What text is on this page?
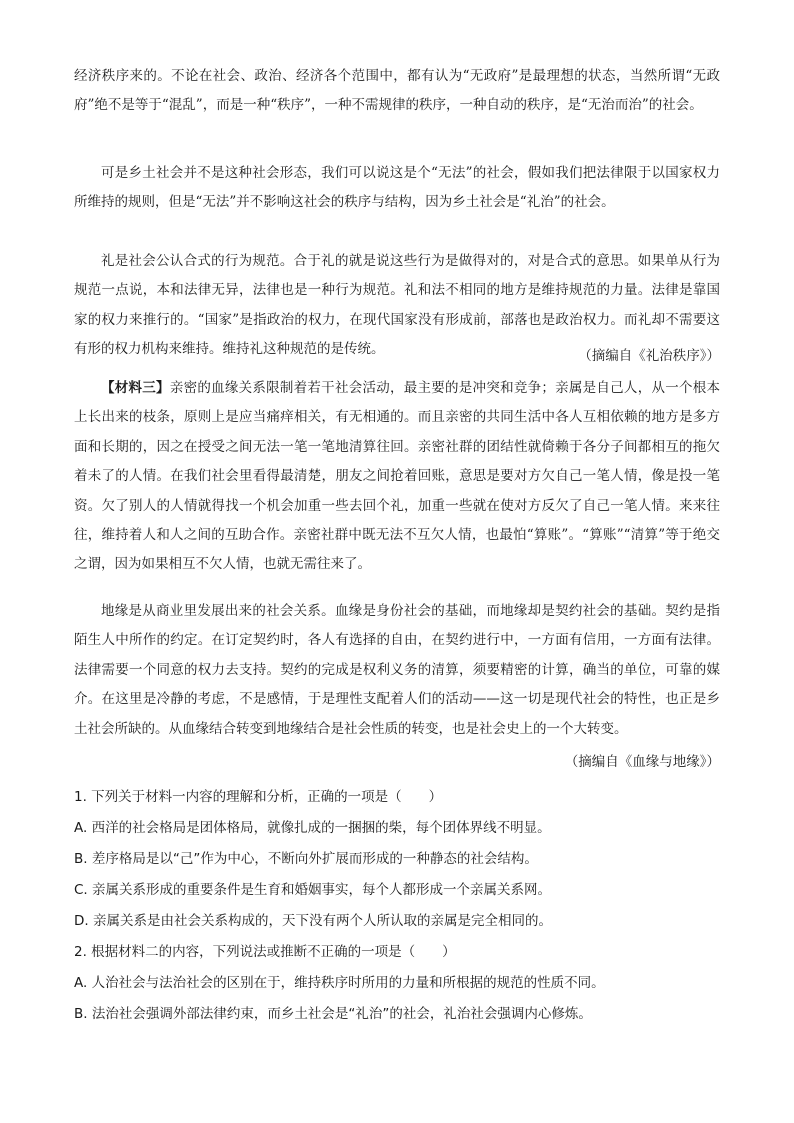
经济秩序来的。不论在社会、政治、经济各个范围中，都有认为“无政府”是最理想的状态，当然所谓“无政府”绝不是等于“混乱”，而是一种“秩序”，一种不需规律的秩序，一种自动的秩序，是“无治而治”的社会。

可是乡土社会并不是这种社会形态，我们可以说这是个“无法”的社会，假如我们把法律限于以国家权力所维持的规则，但是“无法”并不影响这社会的秩序与结构，因为乡土社会是“礼治”的社会。

礼是社会公认合式的行为规范。合于礼的就是说这些行为是做得对的，对是合式的意思。如果单从行为规范一点说，本和法律无异，法律也是一种行为规范。礼和法不相同的地方是维持规范的力量。法律是靠国家的权力来推行的。“国家”是指政治的权力，在现代国家没有形成前，部落也是政治权力。而礼却不需要这有形的权力机构来维持。维持礼这种规范的是传统。	（摘编自《礼治秩序》）

【材料三】亲密的血缘关系限制着若干社会活动，最主要的是冲突和竞争；亲属是自己人，从一个根本上长出来的枝条，原则上是应当痛痒相关，有无相通的。而且亲密的共同生活中各人互相依赖的地方是多方面和长期的，因之在授受之间无法一笔一笔地清算往回。亲密社群的团结性就倚赖于各分子间都相互的拖欠着未了的人情。在我们社会里看得最清楚，朋友之间抢着回账，意思是要对方欠自己一笔人情，像是投一笔资。欠了别人的人情就得找一个机会加重一些去回个礼，加重一些就在使对方反欠了自己一笔人情。来来往往，维持着人和人之间的互助合作。亲密社群中既无法不互欠人情，也最怕“算账”。“算账”“清算”等于绝交之谓，因为如果相互不欠人情，也就无需往来了。

地缘是从商业里发展出来的社会关系。血缘是身份社会的基础，而地缘却是契约社会的基础。契约是指陌生人中所作的约定。在订定契约时，各人有选择的自由，在契约进行中，一方面有信用，一方面有法律。法律需要一个同意的权力去支持。契约的完成是权利义务的清算，须要精密的计算，确当的单位，可靠的媒介。在这里是冷静的考虑，不是感情，于是理性支配着人们的活动——这一切是现代社会的特性，也正是乡土社会所缺的。从血缘结合转变到地缘结合是社会性质的转变，也是社会史上的一个大转变。

（摘编自《血缘与地缘》）

1. 下列关于材料一内容的理解和分析，正确的一项是（　　）

A. 西洋的社会格局是团体格局，就像扎成的一捆捆的柴，每个团体界线不明显。

B. 差序格局是以“己”作为中心，不断向外扩展而形成的一种静态的社会结构。

C. 亲属关系形成的重要条件是生育和婚姻事实，每个人都形成一个亲属关系网。

D. 亲属关系是由社会关系构成的，天下没有两个人所认取的亲属是完全相同的。

2. 根据材料二的内容，下列说法或推断不正确的一项是（　　）

A. 人治社会与法治社会的区别在于，维持秩序时所用的力量和所根据的规范的性质不同。

B. 法治社会强调外部法律约束，而乡土社会是“礼治”的社会，礼治社会强调内心修炼。
